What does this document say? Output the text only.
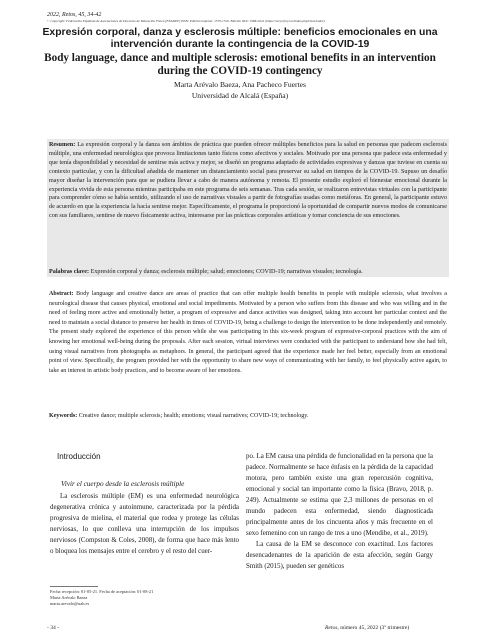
2022, Retos, 45, 34-42
© Copyright: Federación Española de Asociaciones de Docentes de Educación Física (FEADEF) ISSN: Edición impresa: 1579-1726. Edición Web: 1988-2041 (https://recyt.fecyt.es/index.php/retos/index)
Expresión corporal, danza y esclerosis múltiple: beneficios emocionales en una intervención durante la contingencia de la COVID-19
Body language, dance and multiple sclerosis: emotional benefits in an intervention during the COVID-19 contingency
Marta Arévalo Baeza, Ana Pacheco Fuertes
Universidad de Alcalá (España)
Resumen: La expresión corporal y la danza son ámbitos de práctica que pueden ofrecer múltiples beneficios para la salud en personas que padecen esclerosis múltiple, una enfermedad neurológica que provoca limitaciones tanto físicos como afectivos y sociales. Motivado por una persona que padece esta enfermedad y que tenía disponibilidad y necesidad de sentirse más activa y mejor, se diseñó un programa adaptado de actividades expresivas y danzas que tuviese en cuenta su contexto particular, y con la dificultad añadida de mantener un distanciamiento social para preservar su salud en tiempos de la COVID-19. Supuso un desafío mayor diseñar la intervención para que se pudiera llevar a cabo de manera autónoma y remota. El presente estudio exploró el bienestar emocional durante la experiencia vivida de esta persona mientras participaba en este programa de seis semanas. Tras cada sesión, se realizaron entrevistas virtuales con la participante para comprender cómo se había sentido, utilizando el uso de narrativas visuales a partir de fotografías usadas como metáforas. En general, la participante estuvo de acuerdo en que la experiencia la hacía sentirse mejor. Específicamente, el programa le proporcionó la oportunidad de compartir nuevos modos de comunicarse con sus familiares, sentirse de nuevo físicamente activa, interesarse por las prácticas corporales artísticas y tomar conciencia de sus emociones.
Palabras clave: Expresión corporal y danza; esclerosis múltiple; salud; emociones; COVID-19; narrativas visuales; tecnología.
Abstract: Body language and creative dance are areas of practice that can offer multiple health benefits in people with multiple sclerosis, what involves a neurological disease that causes physical, emotional and social impediments. Motivated by a person who suffers from this disease and who was willing and in the need of feeling more active and emotionally better, a program of expressive and dance activities was designed, taking into account her particular context and the need to maintain a social distance to preserve her health in times of COVID-19, being a challenge to design the intervention to be done independently and remotely. The present study explored the experience of this person while she was participating in this six-week program of expressive-corporal practices with the aim of knowing her emotional well-being during the proposals. After each session, virtual interviews were conducted with the participant to understand how she had felt, using visual narratives from photographs as metaphors. In general, the participant agreed that the experience made her feel better, especially from an emotional point of view. Specifically, the program provided her with the opportunity to share new ways of communicating with her family, to feel physically active again, to take an interest in artistic body practices, and to become aware of her emotions.
Keywords: Creative dance; multiple sclerosis; health; emotions; visual narratives; COVID-19; technology.
Introducción
Vivir el cuerpo desde la esclerosis múltiple

La esclerosis múltiple (EM) es una enfermedad neurológica degenerativa crónica y autoinmune, caracterizada por la pérdida progresiva de mielina, el material que rodea y protege las células nerviosas, lo que conlleva una interrupción de los impulsos nerviosos (Compston & Coles, 2008), de forma que hace más lento o bloquea los mensajes entre el cerebro y el resto del cuer-

po. La EM causa una pérdida de funcionalidad en la persona que la padece. Normalmente se hace énfasis en la pérdida de la capacidad motora, pero también existe una gran repercusión cognitiva, emocional y social tan importante como la física (Bravo, 2018, p. 249). Actualmente se estima que 2,3 millones de personas en el mundo padecen esta enfermedad, siendo diagnosticada principalmente antes de los cincuenta años y más frecuente en el sexo femenino con un rango de tres a uno (Mendibe, et al., 2019).

La causa de la EM se desconoce con exactitud. Los factores desencadenantes de la aparición de esta afección, según Gargy Smith (2015), pueden ser genéticos

Fecha recepción: 01-05-21. Fecha de aceptación: 01-08-21
Marta Arévalo Baeza
marta.arevalo@uah.es
- 34 -	Retos, número 45, 2022 (3º trimestre)
